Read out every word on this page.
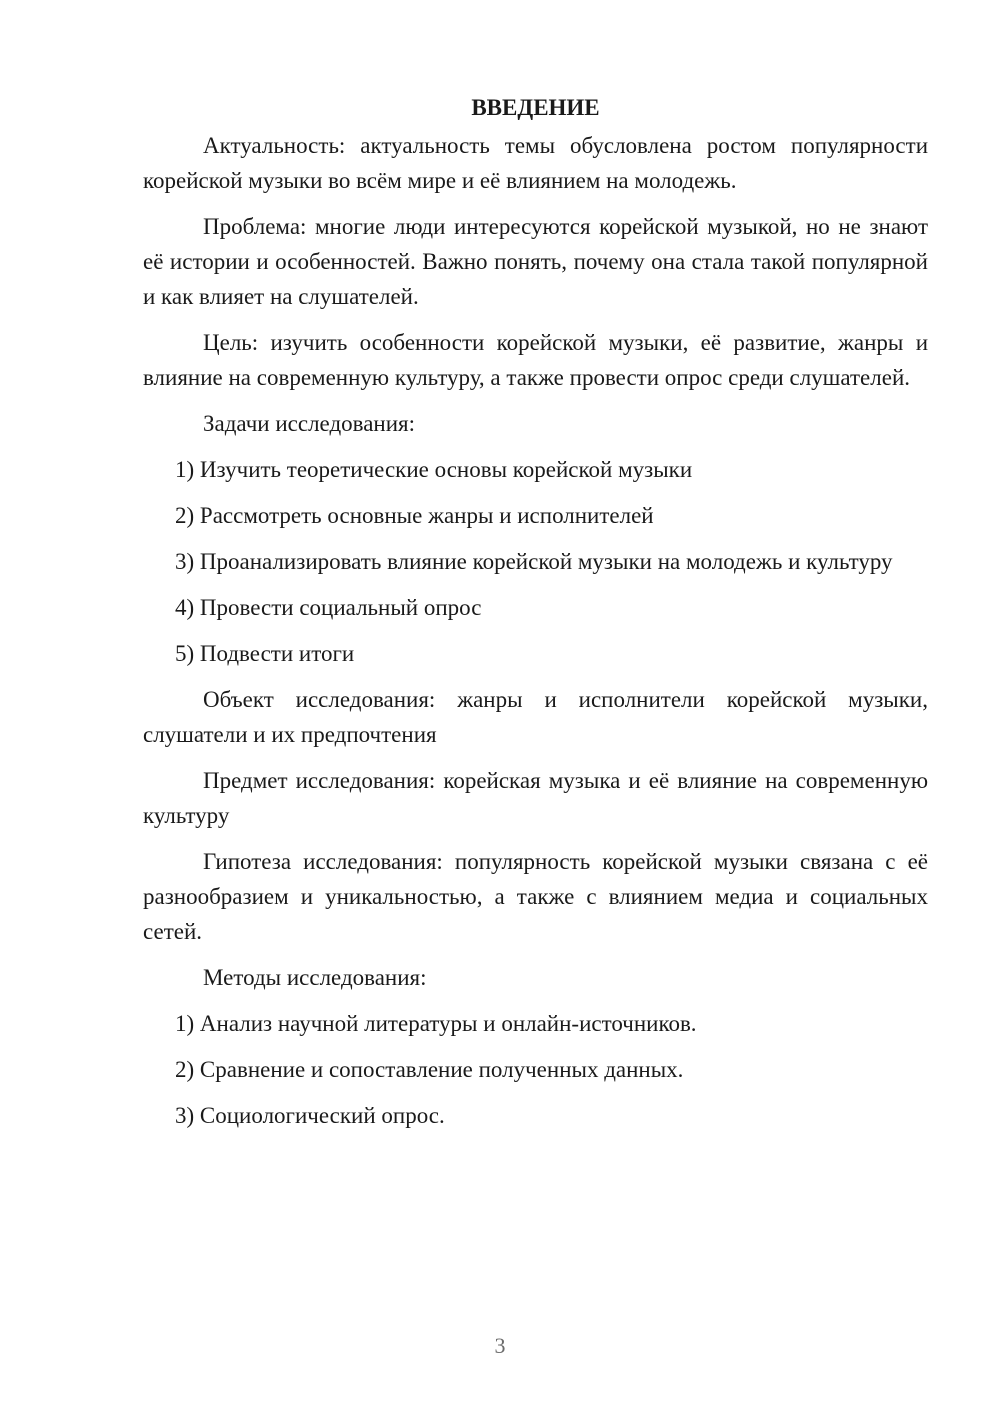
ВВЕДЕНИЕ

Актуальность: актуальность темы обусловлена ростом популярности корейской музыки во всём мире и её влиянием на молодежь.

Проблема: многие люди интересуются корейской музыкой, но не знают её истории и особенностей. Важно понять, почему она стала такой популярной и как влияет на слушателей.

Цель: изучить особенности корейской музыки, её развитие, жанры и влияние на современную культуру, а также провести опрос среди слушателей.

Задачи исследования:

1) Изучить теоретические основы корейской музыки

2) Рассмотреть основные жанры и исполнителей

3) Проанализировать влияние корейской музыки на молодежь и культуру

4) Провести социальный опрос

5) Подвести итоги

Объект исследования: жанры и исполнители корейской музыки, слушатели и их предпочтения

Предмет исследования: корейская музыка и её влияние на современную культуру

Гипотеза исследования: популярность корейской музыки связана с её разнообразием и уникальностью, а также с влиянием медиа и социальных сетей.

Методы исследования:

1) Анализ научной литературы и онлайн-источников.

2) Сравнение и сопоставление полученных данных.

3) Социологический опрос.

3
